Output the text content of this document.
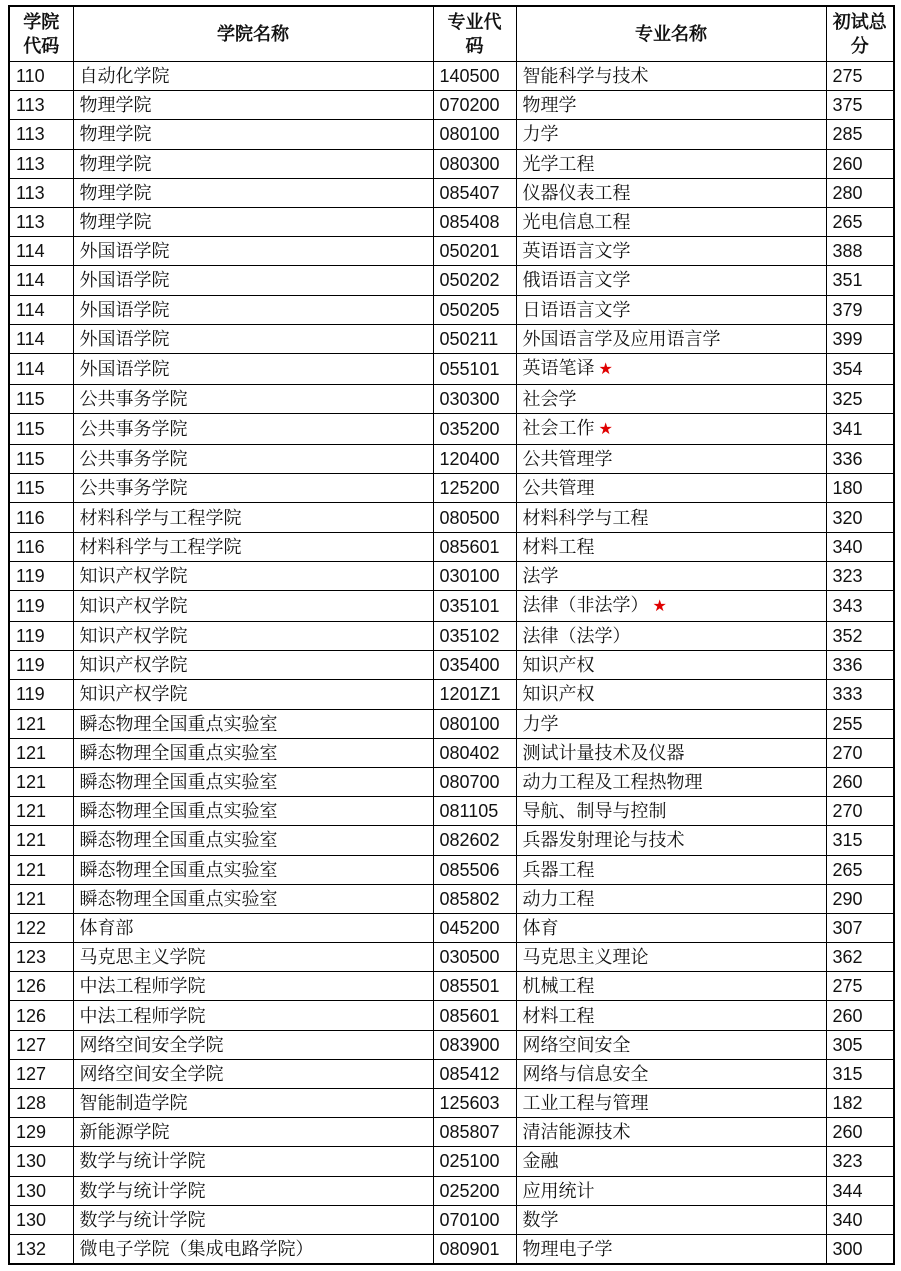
学院代码	学院名称	专业代码	专业名称	初试总分
110	自动化学院	140500	智能科学与技术	275
113	物理学院	070200	物理学	375
113	物理学院	080100	力学	285
113	物理学院	080300	光学工程	260
113	物理学院	085407	仪器仪表工程	280
113	物理学院	085408	光电信息工程	265
114	外国语学院	050201	英语语言文学	388
114	外国语学院	050202	俄语语言文学	351
114	外国语学院	050205	日语语言文学	379
114	外国语学院	050211	外国语言学及应用语言学	399
114	外国语学院	055101	英语笔译 ★	354
115	公共事务学院	030300	社会学	325
115	公共事务学院	035200	社会工作 ★	341
115	公共事务学院	120400	公共管理学	336
115	公共事务学院	125200	公共管理	180
116	材料科学与工程学院	080500	材料科学与工程	320
116	材料科学与工程学院	085601	材料工程	340
119	知识产权学院	030100	法学	323
119	知识产权学院	035101	法律（非法学） ★	343
119	知识产权学院	035102	法律（法学）	352
119	知识产权学院	035400	知识产权	336
119	知识产权学院	1201Z1	知识产权	333
121	瞬态物理全国重点实验室	080100	力学	255
121	瞬态物理全国重点实验室	080402	测试计量技术及仪器	270
121	瞬态物理全国重点实验室	080700	动力工程及工程热物理	260
121	瞬态物理全国重点实验室	081105	导航、制导与控制	270
121	瞬态物理全国重点实验室	082602	兵器发射理论与技术	315
121	瞬态物理全国重点实验室	085506	兵器工程	265
121	瞬态物理全国重点实验室	085802	动力工程	290
122	体育部	045200	体育	307
123	马克思主义学院	030500	马克思主义理论	362
126	中法工程师学院	085501	机械工程	275
126	中法工程师学院	085601	材料工程	260
127	网络空间安全学院	083900	网络空间安全	305
127	网络空间安全学院	085412	网络与信息安全	315
128	智能制造学院	125603	工业工程与管理	182
129	新能源学院	085807	清洁能源技术	260
130	数学与统计学院	025100	金融	323
130	数学与统计学院	025200	应用统计	344
130	数学与统计学院	070100	数学	340
132	微电子学院（集成电路学院）	080901	物理电子学	300
